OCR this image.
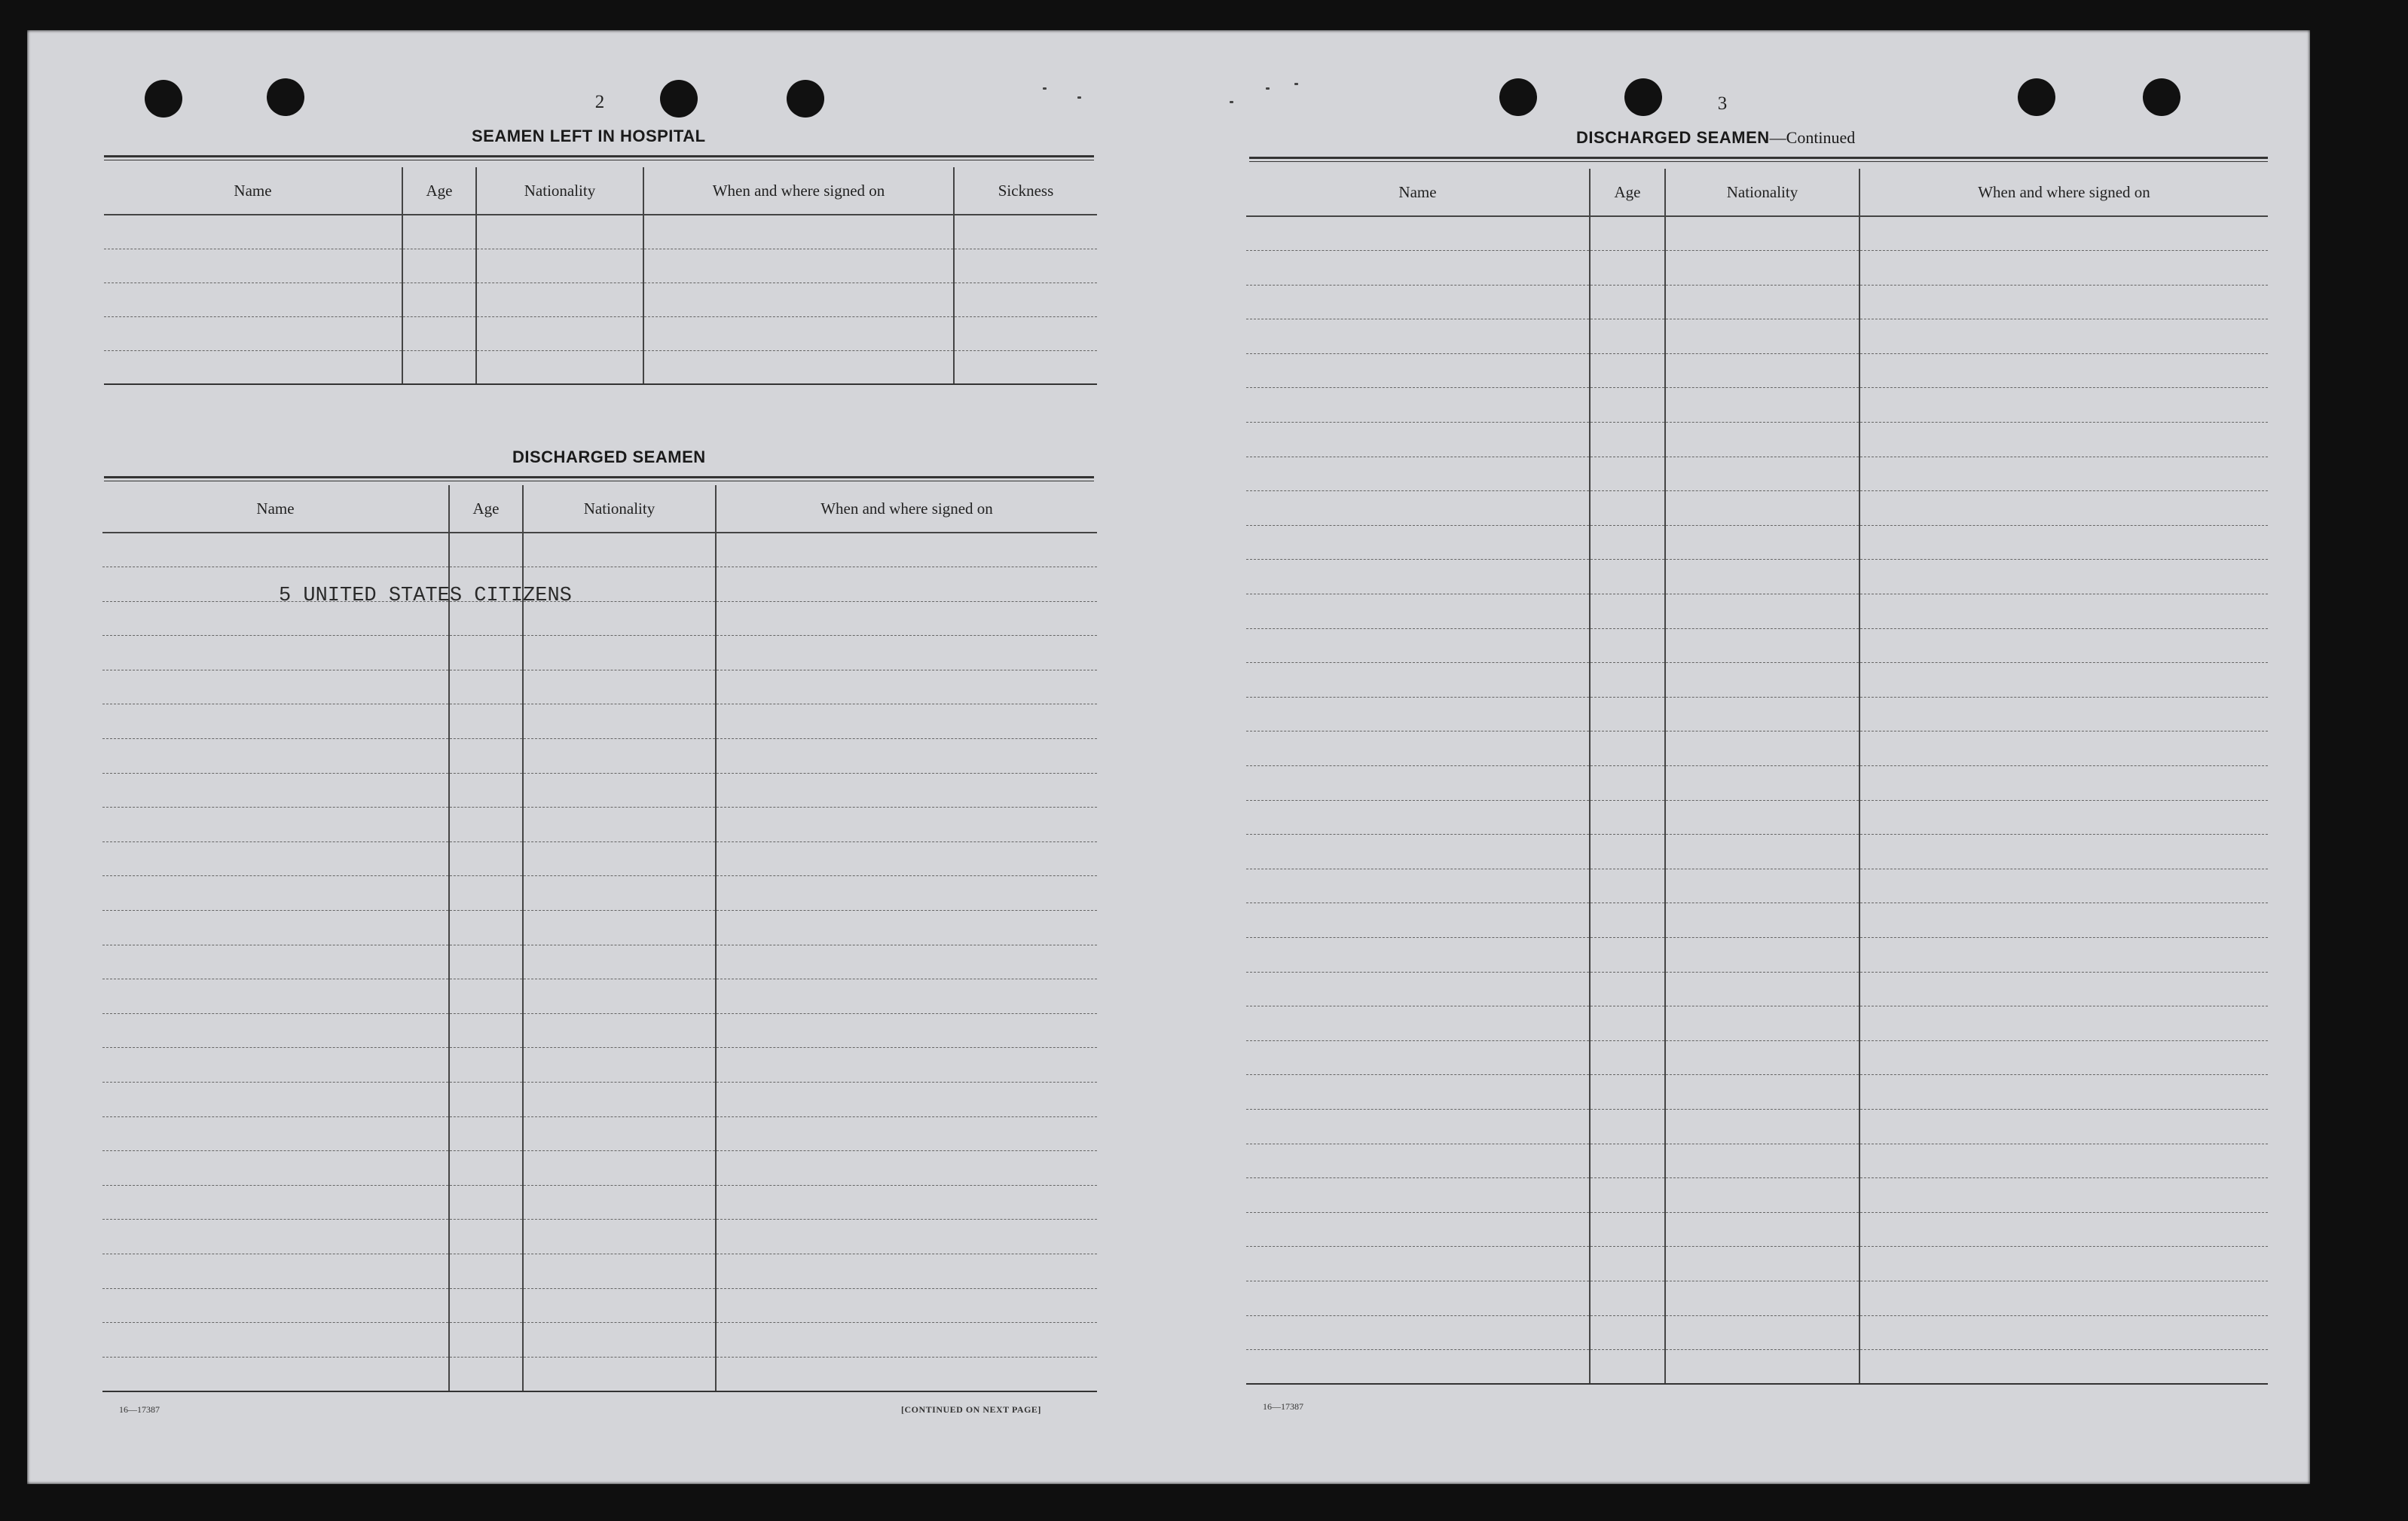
2
SEAMEN LEFT IN HOSPITAL
Name	Age	Nationality	When and where signed on	Sickness

DISCHARGED SEAMEN
Name	Age	Nationality	When and where signed on

5 UNITED STATES CITIZENS
16—17387	[CONTINUED ON NEXT PAGE]
3
DISCHARGED SEAMEN—Continued
Name	Age	Nationality	When and where signed on

16—17387
